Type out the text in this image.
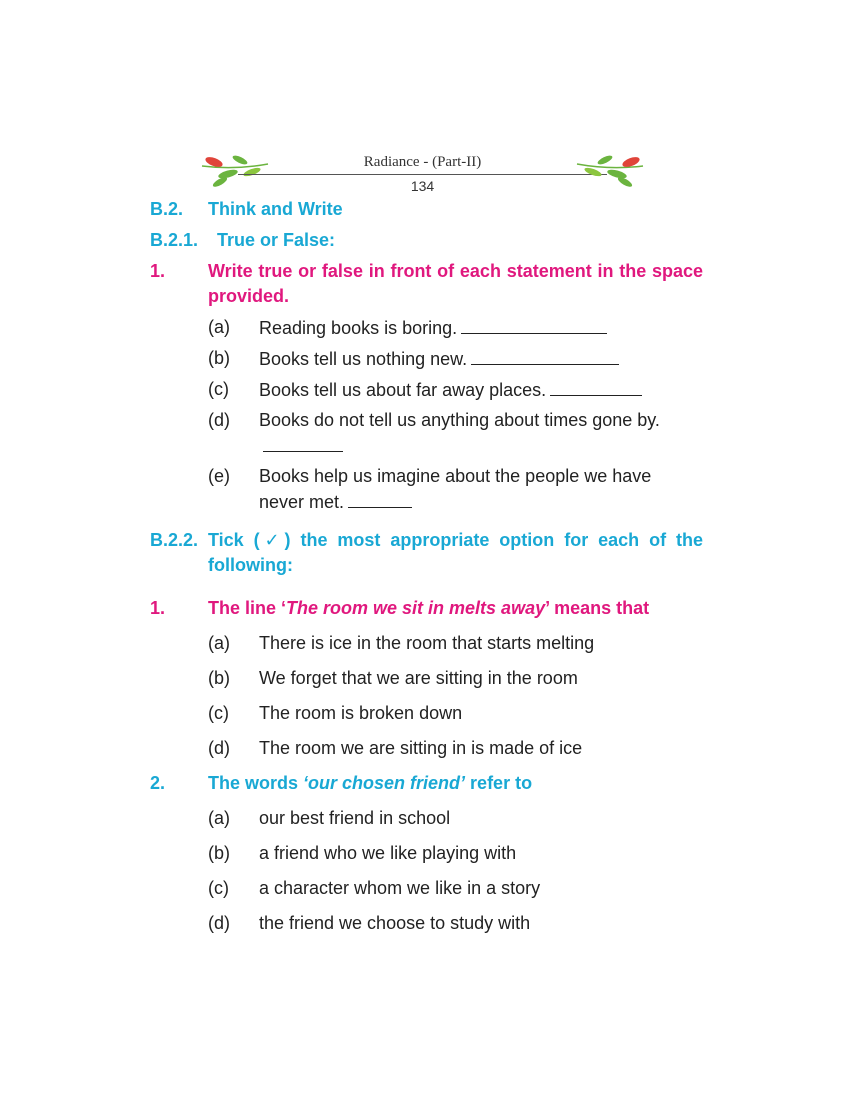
Radiance - (Part-II)
134
B.2.	Think and Write
B.2.1. True or False:
1.	Write true or false in front of each statement in the space provided.
(a) Reading books is boring.
(b) Books tell us nothing new.
(c) Books tell us about far away places.
(d) Books do not tell us anything about times gone by.
(e) Books help us imagine about the people we have never met.
B.2.2. Tick (✓) the most appropriate option for each of the following:
1.	The line ‘The room we sit in melts away’ means that
(a) There is ice in the room that starts melting
(b) We forget that we are sitting in the room
(c) The room is broken down
(d) The room we are sitting in is made of ice
2.	The words ‘our chosen friend’ refer to
(a) our best friend in school
(b) a friend who we like playing with
(c) a character whom we like in a story
(d) the friend we choose to study with
